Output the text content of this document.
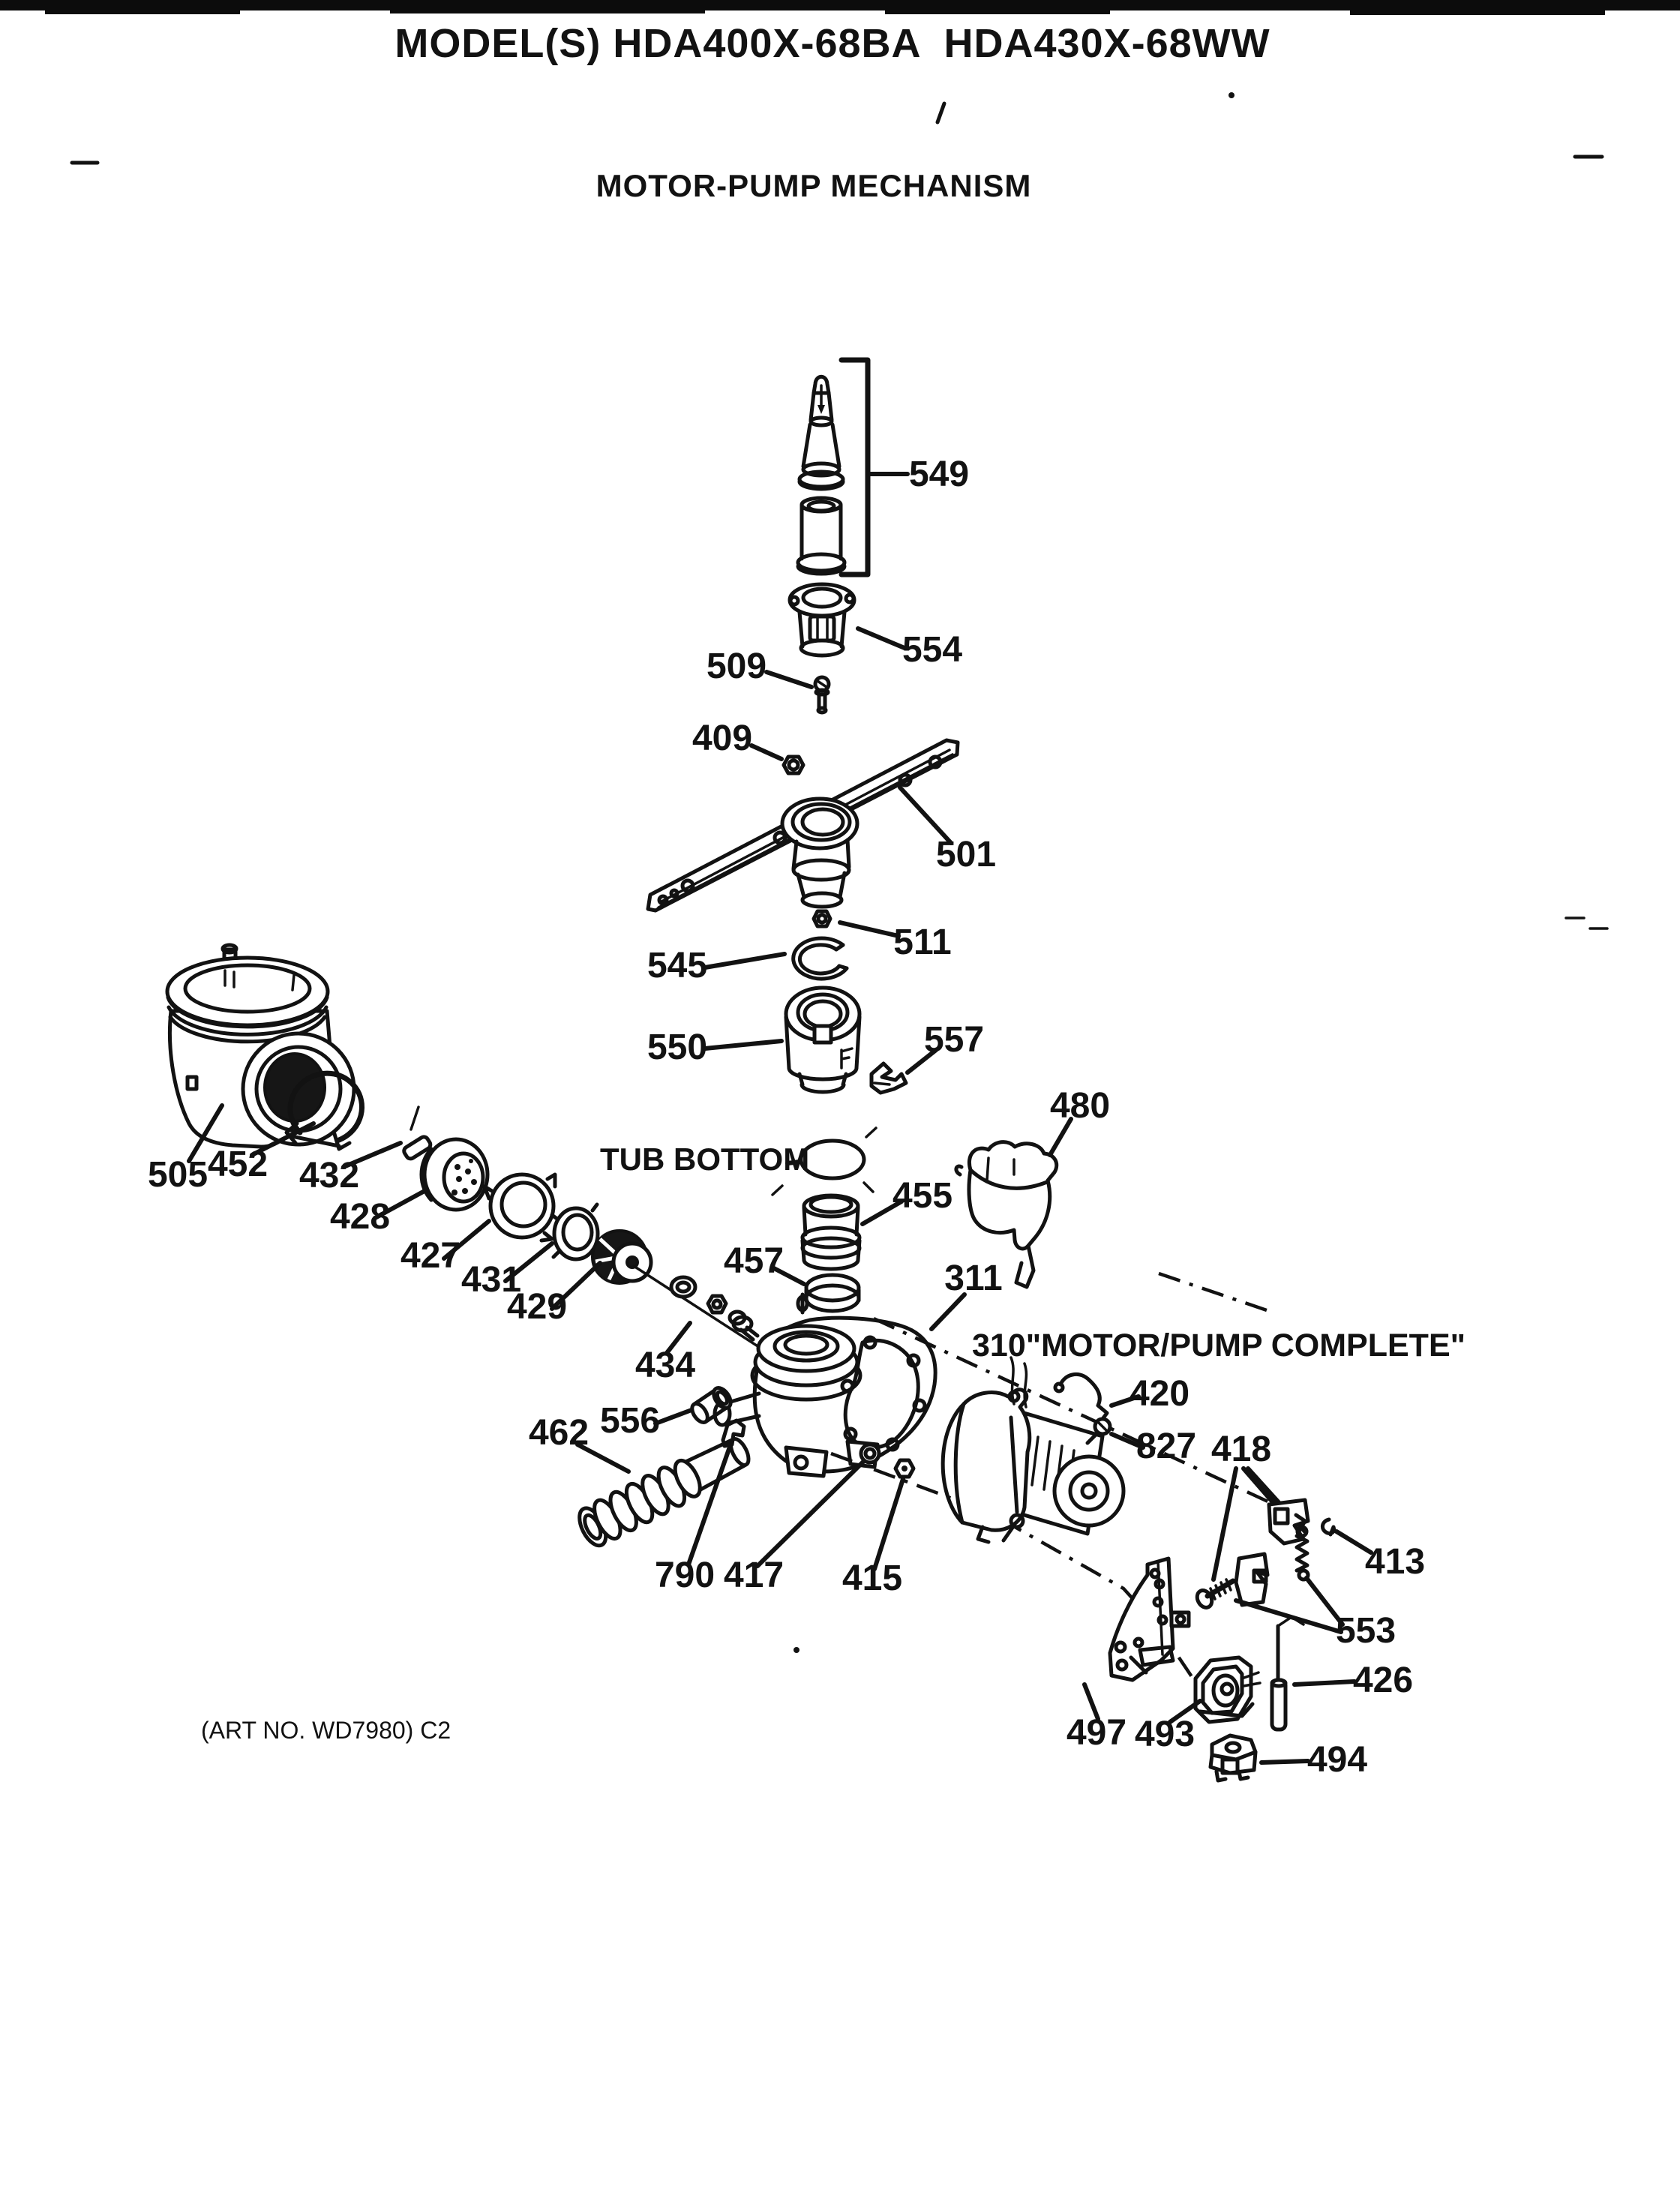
MODEL(S) HDA400X-68BA  HDA430X-68WW
MOTOR-PUMP MECHANISM
549
554
509
409
501
511
545
550	557
480
505 452 432
428
427
431
429
434
TUB BOTTOM
455
457	311
310"MOTOR/PUMP COMPLETE"
420
827 418
553
413
426
497 493
494
462 556
790 417 415
(ART NO. WD7980) C2
